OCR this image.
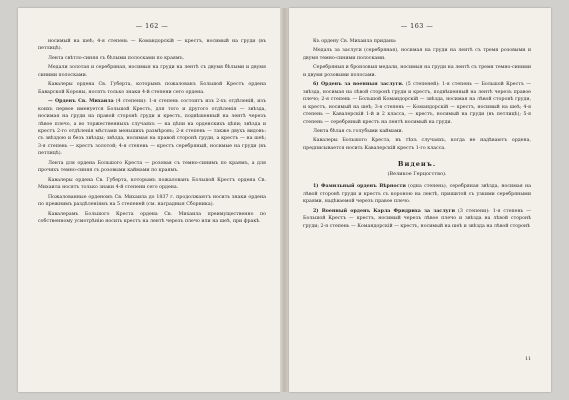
— 162 —

носимый на шеѣ; 4-я степень — Командорскiй — крестъ, носимый на груди (въ петлицѣ).

Лента свѣтло-синяя съ бѣлыми полосками по краямъ.

Медали золотая и серебряная, носимыя на груди на лентѣ съ двумя бѣлыми и двумя синими полосками.

Кавалеры ордена Св. Губерта, которымъ пожалованъ Большой Крестъ ордена Баварской Короны, носятъ только знаки 4-й степени сего ордена.

— Орденъ Св. Михаила (4 степени): 1-я степень состоитъ изъ 2-хъ отдѣленiй, изъ коихъ первое именуется Большой Крестъ, для того и другого отдѣленiя — звѣзда, носимая на груди на правой сторонѣ груди и крестъ, подвѣшенный на лентѣ черезъ лѣвое плечо, а во торжественныхъ случаяхъ — на цѣпи на орденскихъ цѣпи; звѣзда и крестъ 2-го отдѣленiя мѣстами меньшихъ размѣровъ; 2-я степень — также двухъ видовъ: съ звѣздою и безъ звѣзды; звѣзда, носимая на правой сторонѣ груди, а крестъ — на шеѣ; 3-я степень — крестъ золотой; 4-я степень — крестъ серебряный, носимые на груди (въ петлицѣ).

Лента для ордена Большого Креста — розовая съ темно-синимъ по краямъ, а для прочихъ темно-синяя съ розовыми каймами по краямъ.

Кавалеры ордена Св. Губерта, которымъ пожалованъ Большой Крестъ ордена Св. Михаила носятъ только знаки 4-й степени сего ордена.

Пожалованные орденомъ Св. Михаила до 1837 г. продолжаютъ носить знаки ордена по прежнимъ раздѣленiямъ на 5 степеней (см. наградныя Сборника).

Кавалерамъ Большого Креста ордена Св. Михаила преимущественно по собственному усмотрѣнiю носить крестъ на лентѣ черезъ плечо или на шеѣ, при фракѣ.

— 163 —

Къ ордену Св. Михаила придана:

Медаль за заслуги (серебряная), носимая на груди на лентѣ съ тремя розовыми и двумя темно-синими полосками.

Серебряныя и бронзовыя медали, носимыя на груди на лентѣ съ тремя темно-синими и двумя розовыми полосами.

6) Орденъ за военныя заслуги. (5 степеней): 1-я степень — Большой Крестъ — звѣзда, носимая на лѣвой сторонѣ груди и крестъ, подвѣшенный на лентѣ черезъ правое плечо; 2-я степень — Большой Командорскiй — звѣзда, носимая на лѣвой сторонѣ груди, и крестъ, носимый на шеѣ; 3-я степень — Командорскiй — крестъ, носимый на шеѣ; 4-я степень — Кавалерскiй 1-й и 2 класса, — крестъ, носимый на груди (въ петлицѣ); 5-я степень — серебряный крестъ на лентѣ носимый на груди.

Лента бѣлая съ голубыми каймами.

Кавалеры Большого Креста, въ тѣхъ случаяхъ, когда не надѣваютъ ордена, предписывается носить Кавалерскiй крестъ 1-го класса.

Виденъ.
(Великое Герцогство).

1) Фамильный орденъ Вѣрности (одна степень), серебряная звѣзда, носимая на лѣвой сторонѣ груди и крестъ съ короною на лентѣ, пришитой съ узкими серебряными краями, надѣваемой черезъ правое плечо.

2) Военный орденъ Карла Фридриха за заслуги (3 степени): 1-я степень — Большой Крестъ — крестъ, носимый черезъ лѣвое плечо и звѣзда на лѣвой сторонѣ груди; 2-я степень — Командорскiй — крестъ, носимый на шеѣ и звѣзда на лѣвой сторонѣ

11
